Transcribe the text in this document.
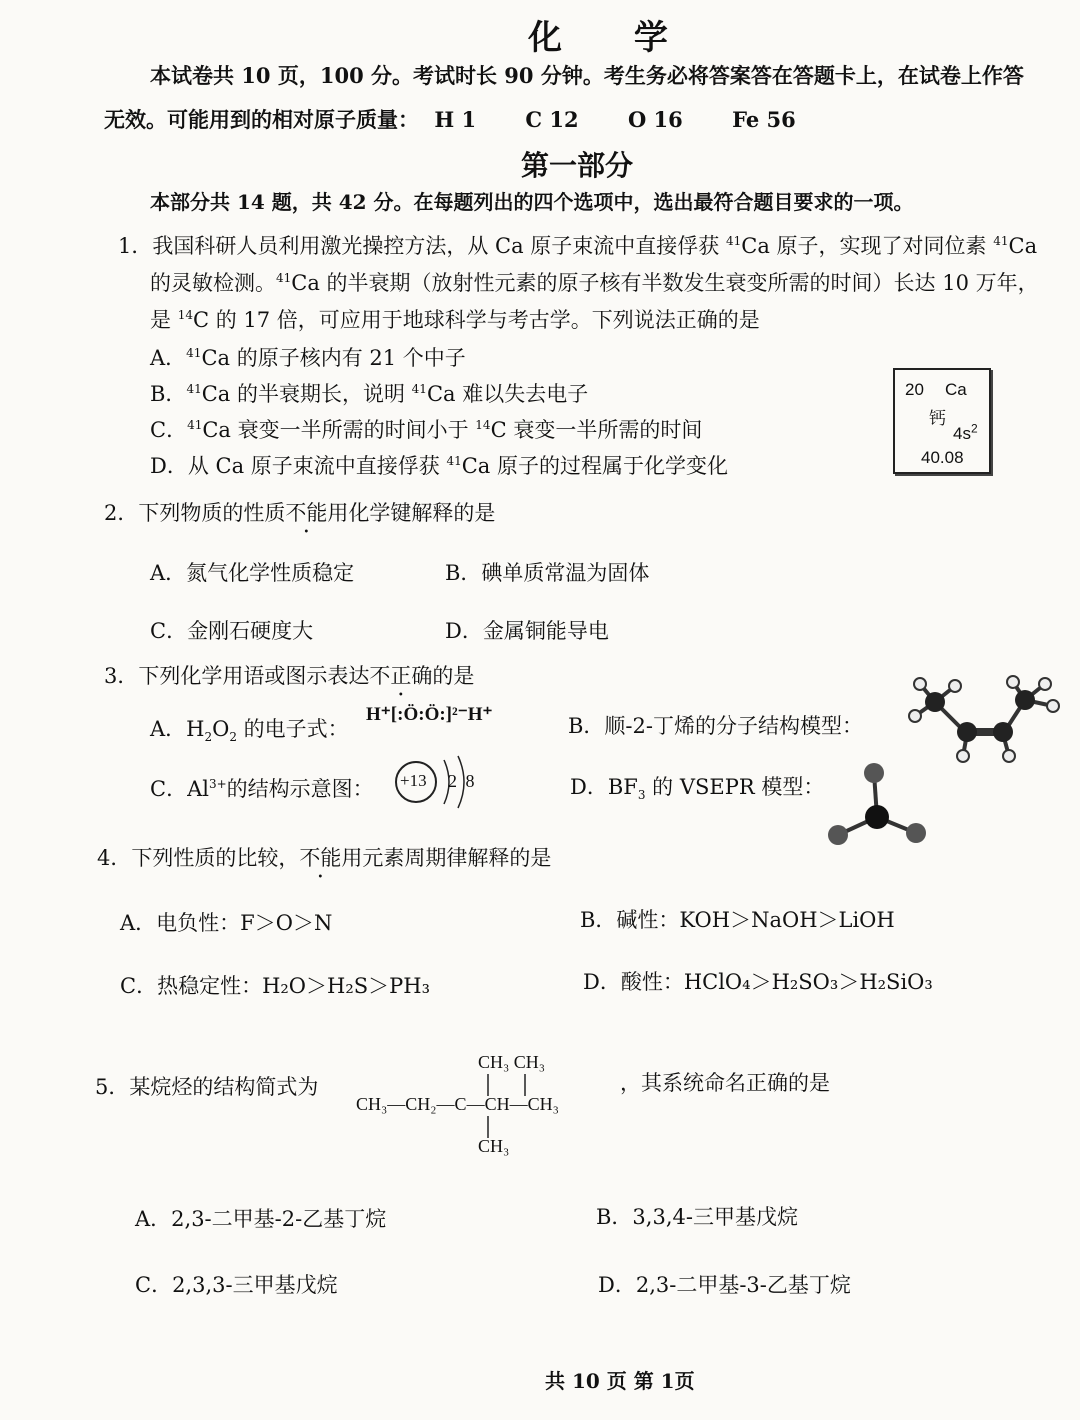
化 学
本试卷共 10 页，100 分。考试时长 90 分钟。考生务必将答案答在答题卡上，在试卷上作答
无效。可能用到的相对原子质量： H 1 C 12 O 16 Fe 56
第一部分
本部分共 14 题，共 42 分。在每题列出的四个选项中，选出最符合题目要求的一项。
1．我国科研人员利用激光操控方法，从 Ca 原子束流中直接俘获 $^{41}$Ca 原子，实现了对同位素 $^{41}$Ca
的灵敏检测。$^{41}$Ca 的半衰期（放射性元素的原子核有半数发生衰变所需的时间）长达 10 万年，
是 $^{14}$C 的 17 倍，可应用于地球科学与考古学。下列说法正确的是
A．$^{41}$Ca 的原子核内有 21 个中子
B．$^{41}$Ca 的半衰期长，说明 $^{41}$Ca 难以失去电子
C．$^{41}$Ca 衰变一半所需的时间小于 $^{14}$C 衰变一半所需的时间
D．从 Ca 原子束流中直接俘获 $^{41}$Ca 原子的过程属于化学变化
20 Ca
钙
$4s^2$
40.08
2．下列物质的性质不能用化学键解释的是
A．氮气化学性质稳定	B．碘单质常温为固体
C．金刚石硬度大	D．金属铜能导电
3．下列化学用语或图示表达不正确的是
A．$H_2O_2$ 的电子式：
H⁺[:Ö:Ö:]²⁻H⁺	B．顺-2-丁烯的分子结构模型：
C．$Al^{3+}$的结构示意图： +13 2 8	D．$BF_3$ 的 VSEPR 模型：
4．下列性质的比较，不能用元素周期律解释的是
A．电负性：F＞O＞N	B．碱性：KOH＞NaOH＞LiOH
C．热稳定性：H₂O＞H₂S＞PH₃	D．酸性：HClO₄＞H₂SO₃＞H₂SiO₃
5．某烷烃的结构简式为
CH₃ CH₃
CH₃—CH₂—C—CH—CH₃
CH₃
，其系统命名正确的是
A．2,3-二甲基-2-乙基丁烷	B．3,3,4-三甲基戊烷
C．2,3,3-三甲基戊烷	D．2,3-二甲基-3-乙基丁烷
共 10 页 第 1页
